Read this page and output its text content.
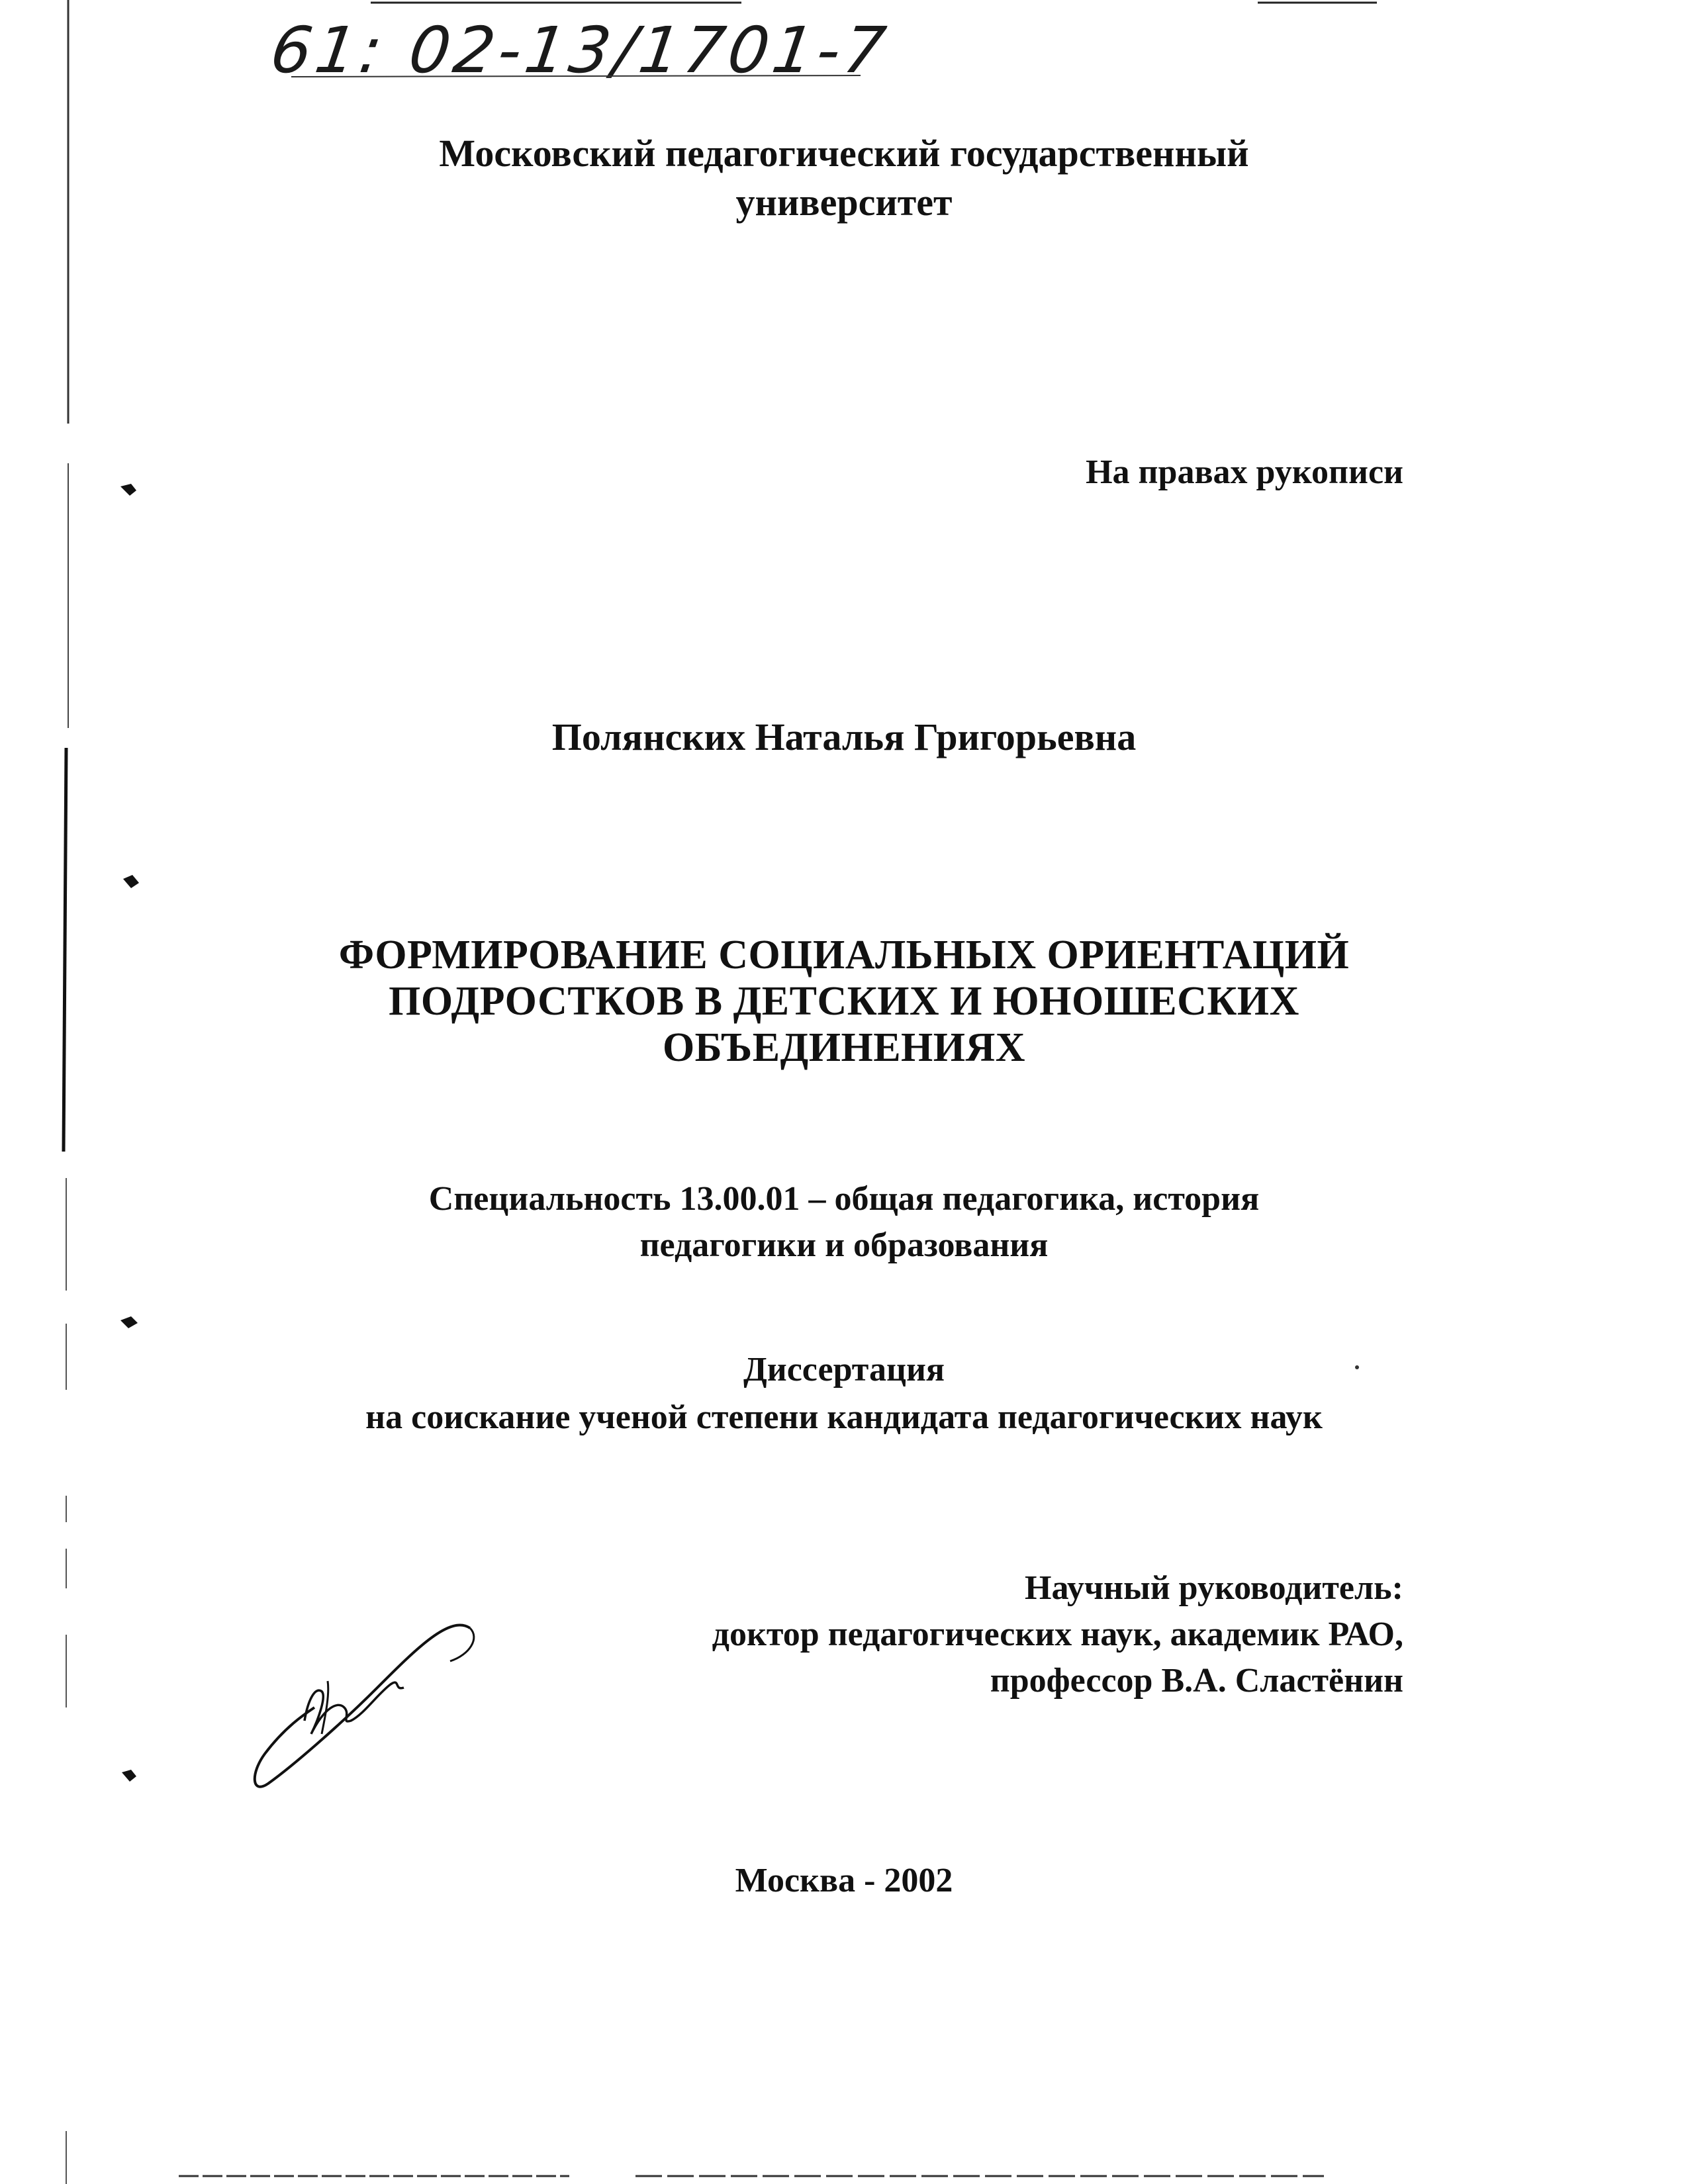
61: 02-13/1701-7

Московский педагогический государственный

университет

На правах рукописи

Полянских Наталья Григорьевна

ФОРМИРОВАНИЕ СОЦИАЛЬНЫХ ОРИЕНТАЦИЙ

ПОДРОСТКОВ В ДЕТСКИХ И ЮНОШЕСКИХ

ОБЪЕДИНЕНИЯХ

Специальность 13.00.01 – общая педагогика, история

педагогики и образования

Диссертация

на соискание ученой степени кандидата педагогических наук

Научный руководитель:

доктор педагогических наук, академик РАО,

профессор В.А. Сластёнин

Москва - 2002
